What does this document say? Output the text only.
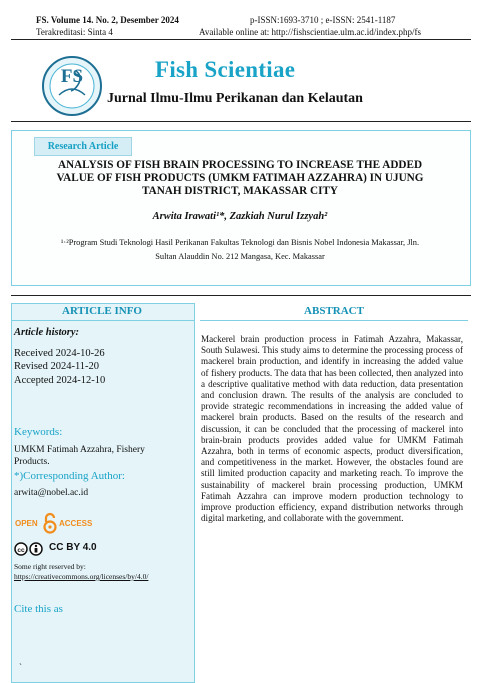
FS. Volume 14. No. 2, Desember 2024	p-ISSN:1693-3710 ; e-ISSN: 2541-1187
Terakreditasi: Sinta 4	Available online at: http://fishscientiae.ulm.ac.id/index.php/fs
FS	Fish Scientiae
Jurnal Ilmu-Ilmu Perikanan dan Kelautan
Research Article
ANALYSIS OF FISH BRAIN PROCESSING TO INCREASE THE ADDED
VALUE OF FISH PRODUCTS (UMKM FATIMAH AZZAHRA) IN UJUNG
TANAH DISTRICT, MAKASSAR CITY
Arwita Irawati¹*, Zazkiah Nurul Izzyah²
¹·²Program Studi Teknologi Hasil Perikanan Fakultas Teknologi dan Bisnis Nobel Indonesia Makassar, Jln.
Sultan Alauddin No. 212 Mangasa, Kec. Makassar
ARTICLE INFO
Article history:
Received 2024-10-26
Revised 2024-11-20
Accepted 2024-12-10
Keywords:
UMKM Fatimah Azzahra, Fishery
Products.
*)Corresponding Author:
arwita@nobel.ac.id
OPEN	ACCESS
cc CC BY 4.0
Some right reserved by:
https://creativecommons.org/licenses/by/4.0/
Cite this as
`
ABSTRACT
Mackerel brain production process in Fatimah Azzahra, Makassar, South Sulawesi. This study aims to determine the processing process of mackerel brain production, and identify in increasing the added value of fishery products. The data that has been collected, then analyzed into a descriptive qualitative method with data reduction, data presentation and conclusion drawn. The results of the analysis are concluded to provide strategic recommendations in increasing the added value of mackerel brain products. Based on the results of the research and discussion, it can be concluded that the processing of mackerel into brain-brain products provides added value for UMKM Fatimah Azzahra, both in terms of economic aspects, product diversification, and competitiveness in the market. However, the obstacles found are still limited production capacity and marketing reach. To improve the sustainability of mackerel brain processing production, UMKM Fatimah Azzahra can improve modern production technology to improve production efficiency, expand distribution networks through digital marketing, and collaborate with the government.
